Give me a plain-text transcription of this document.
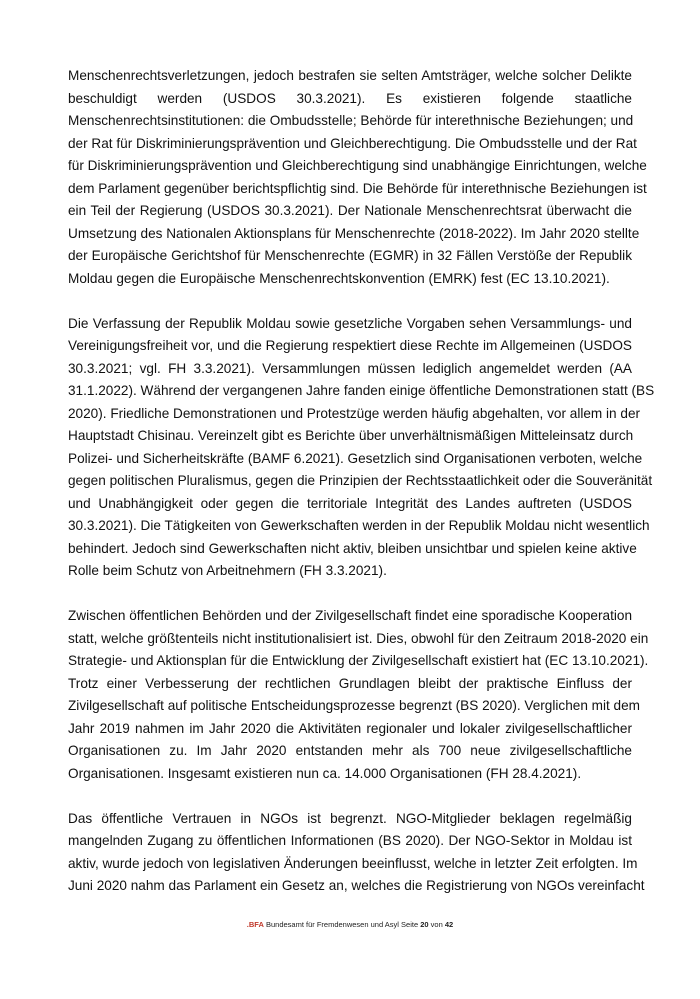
Menschenrechtsverletzungen, jedoch bestrafen sie selten Amtsträger, welche solcher Delikte
beschuldigt werden (USDOS 30.3.2021). Es existieren folgende staatliche
Menschenrechtsinstitutionen: die Ombudsstelle; Behörde für interethnische Beziehungen; und
der Rat für Diskriminierungsprävention und Gleichberechtigung. Die Ombudsstelle und der Rat
für Diskriminierungsprävention und Gleichberechtigung sind unabhängige Einrichtungen, welche
dem Parlament gegenüber berichtspflichtig sind. Die Behörde für interethnische Beziehungen ist
ein Teil der Regierung (USDOS 30.3.2021). Der Nationale Menschenrechtsrat überwacht die
Umsetzung des Nationalen Aktionsplans für Menschenrechte (2018-2022). Im Jahr 2020 stellte
der Europäische Gerichtshof für Menschenrechte (EGMR) in 32 Fällen Verstöße der Republik
Moldau gegen die Europäische Menschenrechtskonvention (EMRK) fest (EC 13.10.2021).
Die Verfassung der Republik Moldau sowie gesetzliche Vorgaben sehen Versammlungs- und
Vereinigungsfreiheit vor, und die Regierung respektiert diese Rechte im Allgemeinen (USDOS
30.3.2021; vgl. FH 3.3.2021). Versammlungen müssen lediglich angemeldet werden (AA
31.1.2022). Während der vergangenen Jahre fanden einige öffentliche Demonstrationen statt (BS
2020). Friedliche Demonstrationen und Protestzüge werden häufig abgehalten, vor allem in der
Hauptstadt Chisinau. Vereinzelt gibt es Berichte über unverhältnismäßigen Mitteleinsatz durch
Polizei- und Sicherheitskräfte (BAMF 6.2021). Gesetzlich sind Organisationen verboten, welche
gegen politischen Pluralismus, gegen die Prinzipien der Rechtsstaatlichkeit oder die Souveränität
und Unabhängigkeit oder gegen die territoriale Integrität des Landes auftreten (USDOS
30.3.2021). Die Tätigkeiten von Gewerkschaften werden in der Republik Moldau nicht wesentlich
behindert. Jedoch sind Gewerkschaften nicht aktiv, bleiben unsichtbar und spielen keine aktive
Rolle beim Schutz von Arbeitnehmern (FH 3.3.2021).
Zwischen öffentlichen Behörden und der Zivilgesellschaft findet eine sporadische Kooperation
statt, welche größtenteils nicht institutionalisiert ist. Dies, obwohl für den Zeitraum 2018-2020 ein
Strategie- und Aktionsplan für die Entwicklung der Zivilgesellschaft existiert hat (EC 13.10.2021).
Trotz einer Verbesserung der rechtlichen Grundlagen bleibt der praktische Einfluss der
Zivilgesellschaft auf politische Entscheidungsprozesse begrenzt (BS 2020). Verglichen mit dem
Jahr 2019 nahmen im Jahr 2020 die Aktivitäten regionaler und lokaler zivilgesellschaftlicher
Organisationen zu. Im Jahr 2020 entstanden mehr als 700 neue zivilgesellschaftliche
Organisationen. Insgesamt existieren nun ca. 14.000 Organisationen (FH 28.4.2021).
Das öffentliche Vertrauen in NGOs ist begrenzt. NGO-Mitglieder beklagen regelmäßig
mangelnden Zugang zu öffentlichen Informationen (BS 2020). Der NGO-Sektor in Moldau ist
aktiv, wurde jedoch von legislativen Änderungen beeinflusst, welche in letzter Zeit erfolgten. Im
Juni 2020 nahm das Parlament ein Gesetz an, welches die Registrierung von NGOs vereinfacht
.BFA Bundesamt für Fremdenwesen und Asyl Seite 20 von 42
